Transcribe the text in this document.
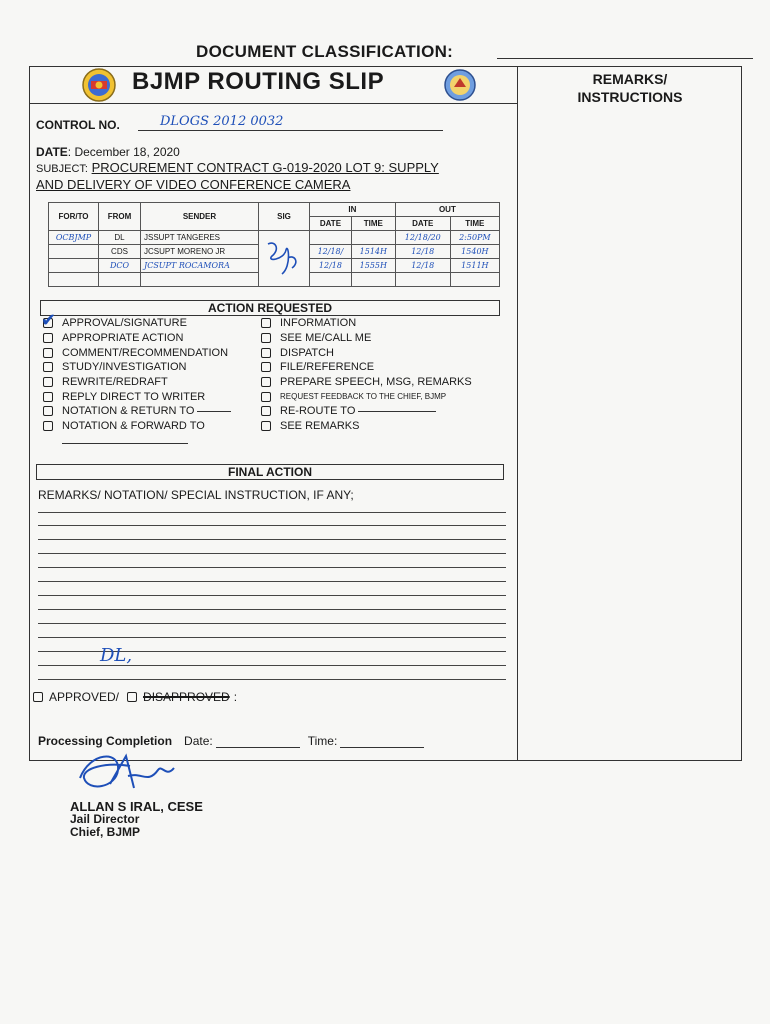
DOCUMENT CLASSIFICATION:
BJMP ROUTING SLIP	REMARKS/
INSTRUCTIONS
CONTROL NO.	DLOGS 2012 0032
DATE: December 18, 2020
SUBJECT: PROCUREMENT CONTRACT G-019-2020 LOT 9: SUPPLY
AND DELIVERY OF VIDEO CONFERENCE CAMERA
FOR/TO	FROM	SENDER	SIG	IN		OUT	
				DATE	TIME	DATE	TIME
OCBJMP	DL	JSSUPT TANGERES				12/18/20	2:50PM
	CDS	JCSUPT MORENO JR		12/18/	1514H	12/18	1540H
	DCO	JCSUPT ROCAMORA		12/18	1555H	12/18	1511H

ACTION REQUESTED
APPROVAL/SIGNATURE
APPROPRIATE ACTION
COMMENT/RECOMMENDATION
STUDY/INVESTIGATION
REWRITE/REDRAFT
REPLY DIRECT TO WRITER
NOTATION & RETURN TO
NOTATION & FORWARD TO
✔	INFORMATION
SEE ME/CALL ME
DISPATCH
FILE/REFERENCE
PREPARE SPEECH, MSG, REMARKS
REQUEST FEEDBACK TO THE CHIEF, BJMP
RE-ROUTE TO
SEE REMARKS
FINAL ACTION
REMARKS/ NOTATION/ SPECIAL INSTRUCTION, IF ANY;
DL,
APPROVED/ DISAPPROVED :
Processing Completion Date:	Time:
ALLAN S IRAL, CESE
Jail Director
Chief, BJMP
